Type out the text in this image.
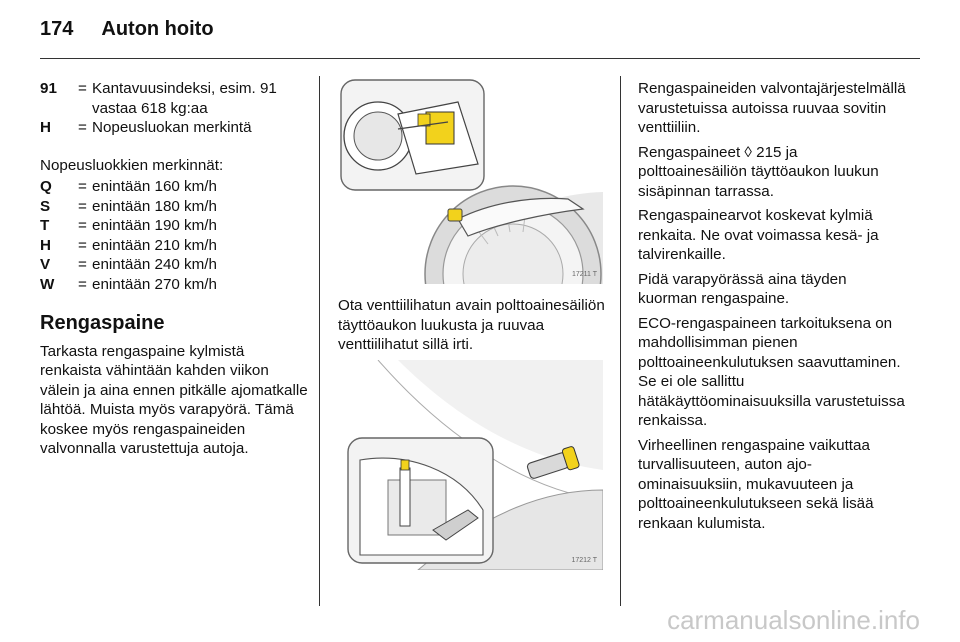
174 Auton hoito
91	= Kantavuusindeksi, esim. 91 vastaa 618 kg:aa
H	= Nopeusluokan merkintä

Nopeusluokkien merkinnät:

Q	= enintään 160 km/h
S	= enintään 180 km/h
T	= enintään 190 km/h
H	= enintään 210 km/h
V	= enintään 240 km/h
W	= enintään 270 km/h
Rengaspaine

Tarkasta rengaspaine kylmistä renkaista vähintään kahden viikon välein ja aina ennen pitkälle ajomatkalle lähtöä. Muista myös varapyörä. Tämä koskee myös rengaspaineiden valvonnalla varustettuja autoja.

17211 T

Ota venttiilihatun avain polttoainesäiliön täyttöaukon luukusta ja ruuvaa venttiilihatut sillä irti.

17212 T

Rengaspaineiden valvontajärjestelmällä varustetuissa autoissa ruuvaa sovitin venttiiliin.

Rengaspaineet ◊ 215 ja polttoainesäiliön täyttöaukon luukun sisäpinnan tarrassa.

Rengaspainearvot koskevat kylmiä renkaita. Ne ovat voimassa kesä- ja talvirenkaille.

Pidä varapyörässä aina täyden kuorman rengaspaine.

ECO-rengaspaineen tarkoituksena on mahdollisimman pienen polttoaineenkulutuksen saavuttaminen. Se ei ole sallittu hätäkäyttöominaisuuksilla varustetuissa renkaissa.

Virheellinen rengaspaine vaikuttaa turvallisuuteen, auton ajo-ominaisuuksiin, mukavuuteen ja polttoaineenkulutukseen sekä lisää renkaan kulumista.

carmanualsonline.info
